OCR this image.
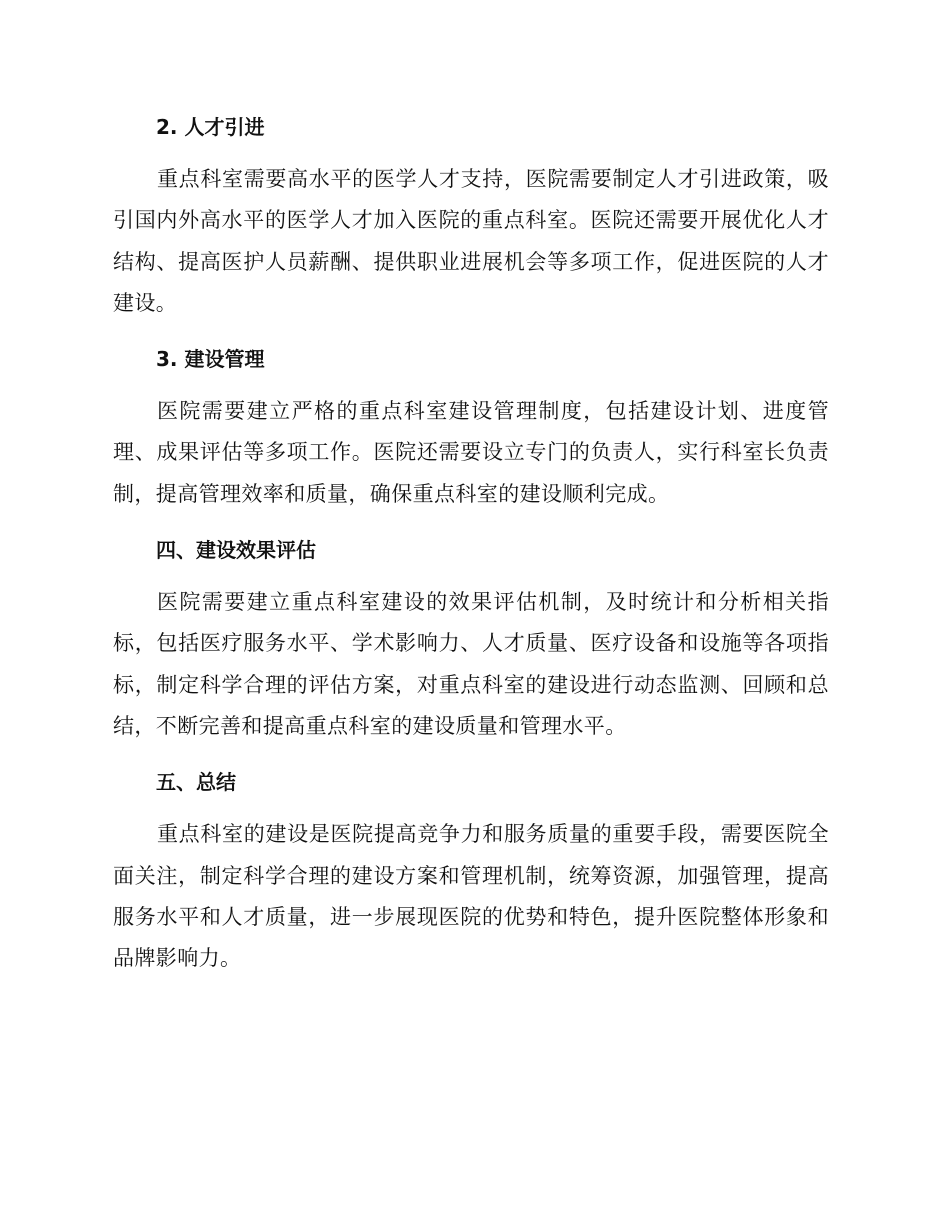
2. 人才引进

重点科室需要高水平的医学人才支持，医院需要制定人才引进政策，吸引国内外高水平的医学人才加入医院的重点科室。医院还需要开展优化人才结构、提高医护人员薪酬、提供职业进展机会等多项工作，促进医院的人才建设。

3. 建设管理

医院需要建立严格的重点科室建设管理制度，包括建设计划、进度管理、成果评估等多项工作。医院还需要设立专门的负责人，实行科室长负责制，提高管理效率和质量，确保重点科室的建设顺利完成。

四、建设效果评估

医院需要建立重点科室建设的效果评估机制，及时统计和分析相关指标，包括医疗服务水平、学术影响力、人才质量、医疗设备和设施等各项指标，制定科学合理的评估方案，对重点科室的建设进行动态监测、回顾和总结，不断完善和提高重点科室的建设质量和管理水平。

五、总结

重点科室的建设是医院提高竞争力和服务质量的重要手段，需要医院全面关注，制定科学合理的建设方案和管理机制，统筹资源，加强管理，提高服务水平和人才质量，进一步展现医院的优势和特色，提升医院整体形象和品牌影响力。
